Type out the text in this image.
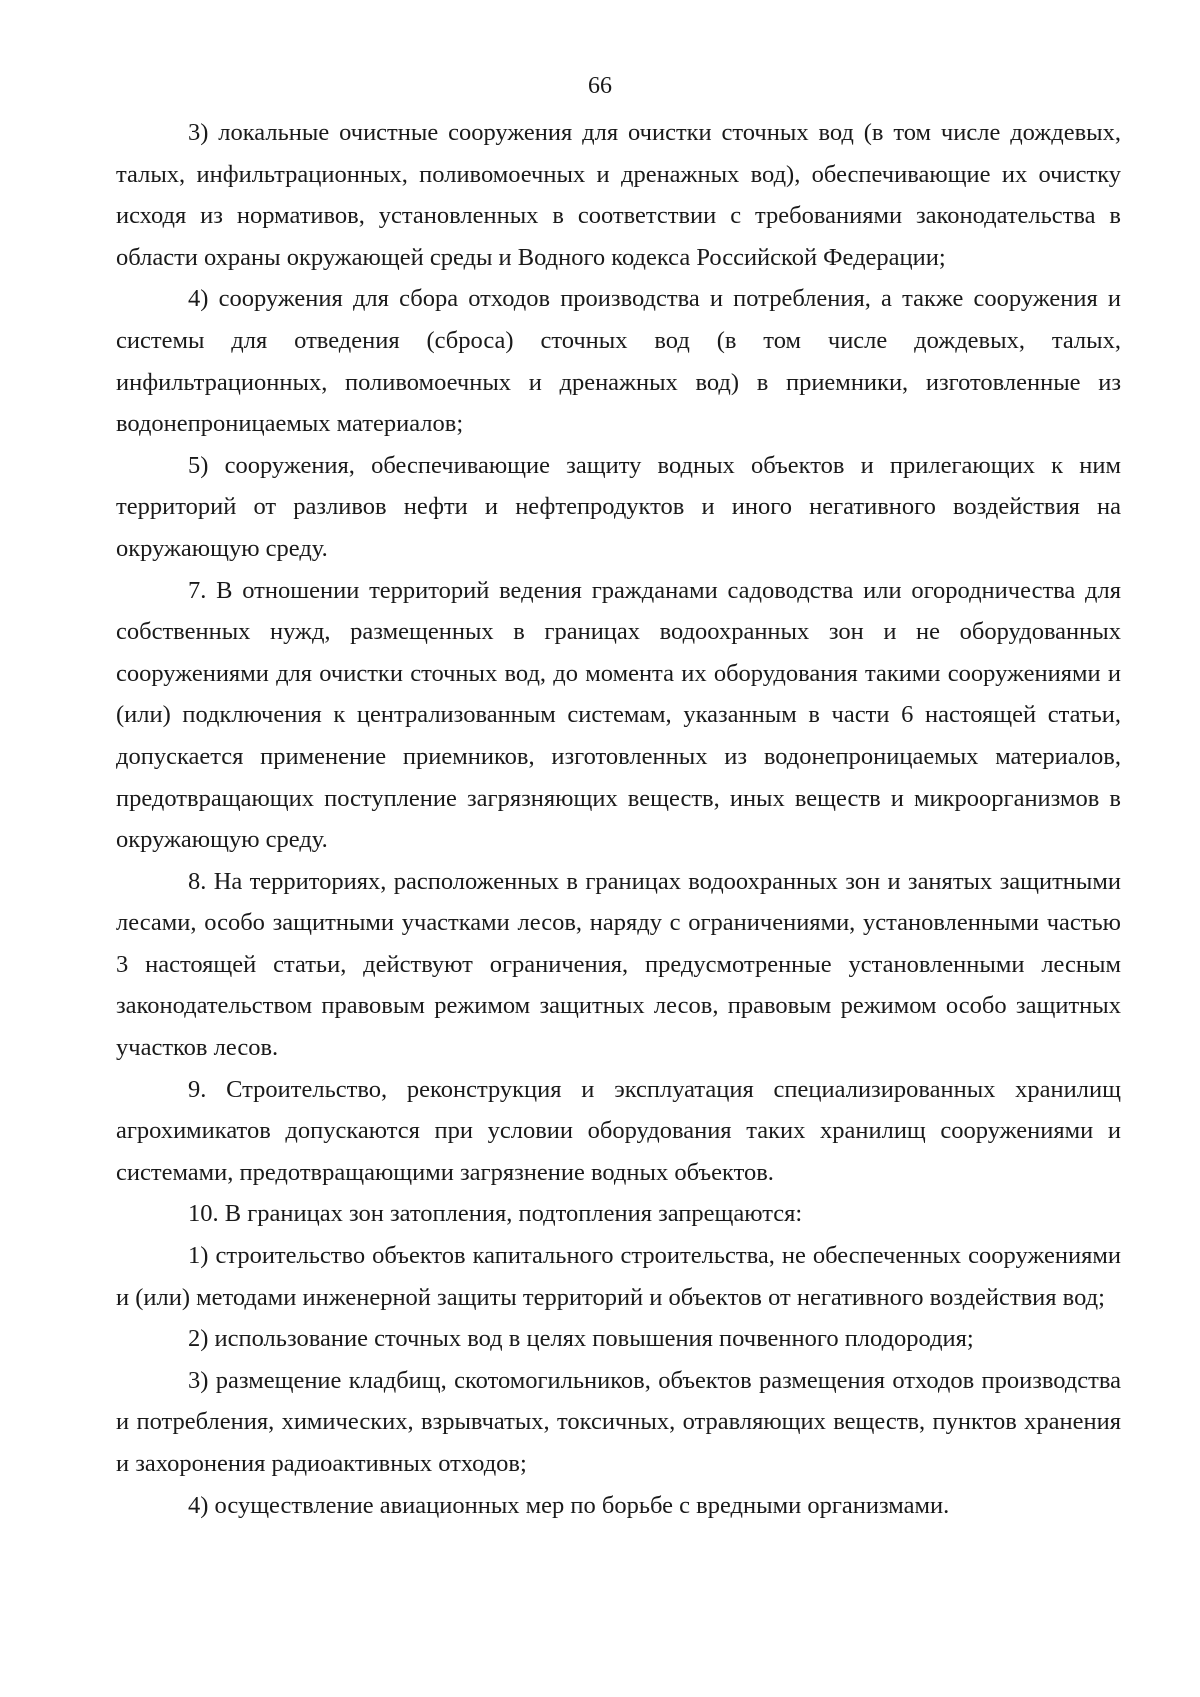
66

3) локальные очистные сооружения для очистки сточных вод (в том числе дождевых, талых, инфильтрационных, поливомоечных и дренажных вод), обеспечивающие их очистку исходя из нормативов, установленных в соответствии с требованиями законодательства в области охраны окружающей среды и Водного кодекса Российской Федерации;

4) сооружения для сбора отходов производства и потребления, а также сооружения и системы для отведения (сброса) сточных вод (в том числе дождевых, талых, инфильтрационных, поливомоечных и дренажных вод) в приемники, изготовленные из водонепроницаемых материалов;

5) сооружения, обеспечивающие защиту водных объектов и прилегающих к ним территорий от разливов нефти и нефтепродуктов и иного негативного воздействия на окружающую среду.

7. В отношении территорий ведения гражданами садоводства или огородничества для собственных нужд, размещенных в границах водоохранных зон и не оборудованных сооружениями для очистки сточных вод, до момента их оборудования такими сооружениями и (или) подключения к централизованным системам, указанным в части 6 настоящей статьи, допускается применение приемников, изготовленных из водонепроницаемых материалов, предотвращающих поступление загрязняющих веществ, иных веществ и микроорганизмов в окружающую среду.

8. На территориях, расположенных в границах водоохранных зон и занятых защитными лесами, особо защитными участками лесов, наряду с ограничениями, установленными частью 3 настоящей статьи, действуют ограничения, предусмотренные установленными лесным законодательством правовым режимом защитных лесов, правовым режимом особо защитных участков лесов.

9. Строительство, реконструкция и эксплуатация специализированных хранилищ агрохимикатов допускаются при условии оборудования таких хранилищ сооружениями и системами, предотвращающими загрязнение водных объектов.

10. В границах зон затопления, подтопления запрещаются:

1) строительство объектов капитального строительства, не обеспеченных сооружениями и (или) методами инженерной защиты территорий и объектов от негативного воздействия вод;

2) использование сточных вод в целях повышения почвенного плодородия;

3) размещение кладбищ, скотомогильников, объектов размещения отходов производства и потребления, химических, взрывчатых, токсичных, отравляющих веществ, пунктов хранения и захоронения радиоактивных отходов;

4) осуществление авиационных мер по борьбе с вредными организмами.
